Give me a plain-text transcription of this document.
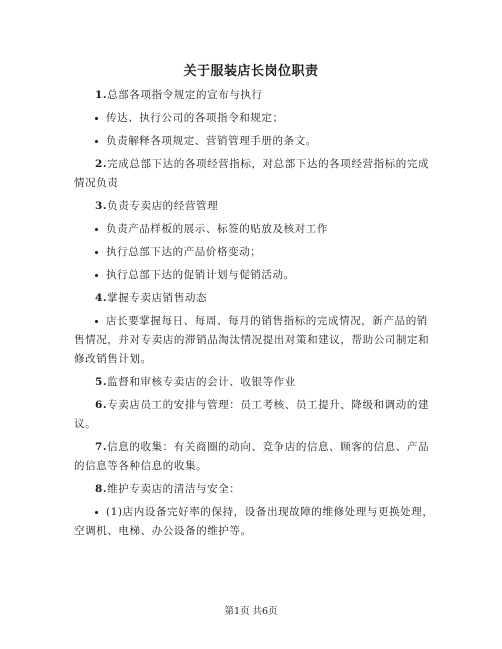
关于服装店长岗位职责

1.总部各项指令规定的宣布与执行

传达、执行公司的各项指令和规定；

负责解释各项规定、营销管理手册的条文。

2.完成总部下达的各项经营指标，对总部下达的各项经营指标的完成情况负责

3.负责专卖店的经营管理

负责产品样板的展示、标签的贴放及核对工作

执行总部下达的产品价格变动；

执行总部下达的促销计划与促销活动。

4.掌握专卖店销售动态

店长要掌握每日、每周、每月的销售指标的完成情况，新产品的销售情况，并对专卖店的滞销品淘汰情况提出对策和建议，帮助公司制定和修改销售计划。

5.监督和审核专卖店的会计、收银等作业

6.专卖店员工的安排与管理：员工考核、员工提升、降级和调动的建议。

7.信息的收集：有关商圈的动向、竞争店的信息、顾客的信息、产品的信息等各种信息的收集。

8.维护专卖店的清洁与安全：

(1)店内设备完好率的保持，设备出现故障的维修处理与更换处理，空调机、电梯、办公设备的维护等。

第1页 共6页
